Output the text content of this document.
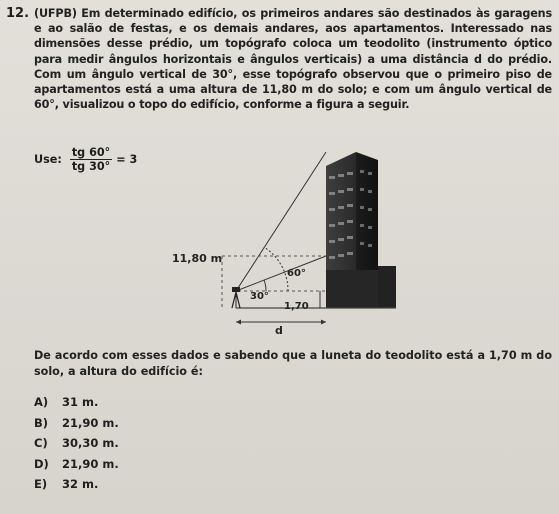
12. (UFPB) Em determinado edifício, os primeiros andares são destinados às garagens e ao salão de festas, e os demais andares, aos apartamentos. Interessado nas dimensões desse prédio, um topógrafo coloca um teodolito (instrumento óptico para medir ângulos horizontais e ângulos verticais) a uma distância d do prédio. Com um ângulo vertical de 30°, esse topógrafo observou que o primeiro piso de apartamentos está a uma altura de 11,80 m do solo; e com um ângulo vertical de 60°, visualizou o topo do edifício, conforme a figura a seguir.
Use: $\frac{tg 60^\circ}{tg 30^\circ} = 3$
11,80 m
30°
60°
1,70
d
De acordo com esses dados e sabendo que a luneta do teodolito está a 1,70 m do solo, a altura do edifício é:
A) 31 m.
B) 21,90 m.
C) 30,30 m.
D) 21,90 m.
E) 32 m.
